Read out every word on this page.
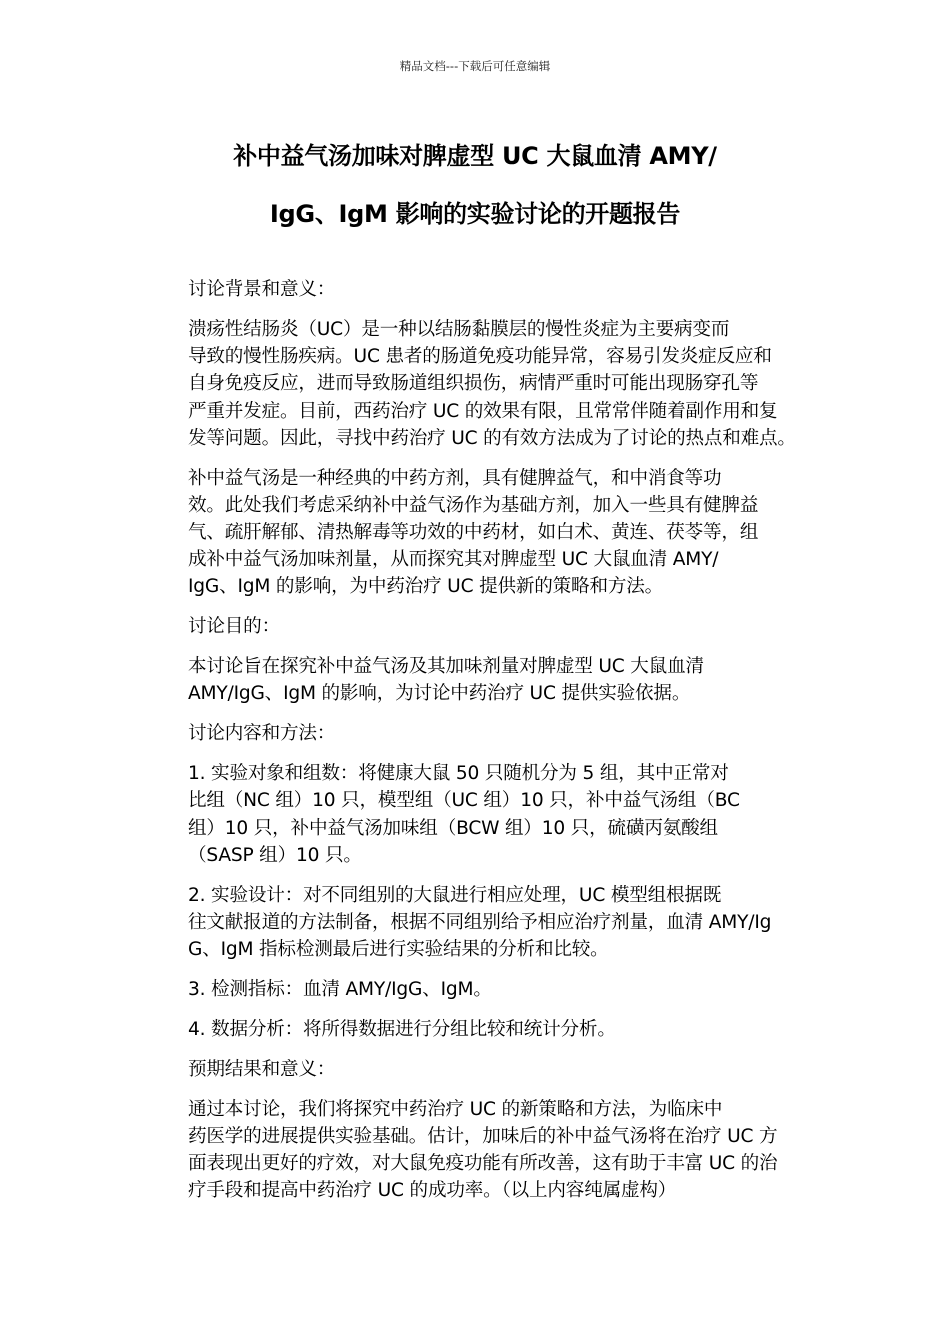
精品文档---下载后可任意编辑
补中益气汤加味对脾虚型 UC 大鼠血清 AMY/
IgG、IgM 影响的实验讨论的开题报告

讨论背景和意义：

溃疡性结肠炎（UC）是一种以结肠黏膜层的慢性炎症为主要病变而
导致的慢性肠疾病。UC 患者的肠道免疫功能异常，容易引发炎症反应和
自身免疫反应，进而导致肠道组织损伤，病情严重时可能出现肠穿孔等
严重并发症。目前，西药治疗 UC 的效果有限，且常常伴随着副作用和复
发等问题。因此，寻找中药治疗 UC 的有效方法成为了讨论的热点和难点。

补中益气汤是一种经典的中药方剂，具有健脾益气，和中消食等功
效。此处我们考虑采纳补中益气汤作为基础方剂，加入一些具有健脾益
气、疏肝解郁、清热解毒等功效的中药材，如白术、黄连、茯苓等，组
成补中益气汤加味剂量，从而探究其对脾虚型 UC 大鼠血清 AMY/
IgG、IgM 的影响，为中药治疗 UC 提供新的策略和方法。

讨论目的：

本讨论旨在探究补中益气汤及其加味剂量对脾虚型 UC 大鼠血清
AMY/IgG、IgM 的影响，为讨论中药治疗 UC 提供实验依据。

讨论内容和方法：

1. 实验对象和组数：将健康大鼠 50 只随机分为 5 组，其中正常对
比组（NC 组）10 只，模型组（UC 组）10 只，补中益气汤组（BC
组）10 只，补中益气汤加味组（BCW 组）10 只，硫磺丙氨酸组
（SASP 组）10 只。

2. 实验设计：对不同组别的大鼠进行相应处理，UC 模型组根据既
往文献报道的方法制备，根据不同组别给予相应治疗剂量，血清 AMY/Ig
G、IgM 指标检测最后进行实验结果的分析和比较。

3. 检测指标：血清 AMY/IgG、IgM。

4. 数据分析：将所得数据进行分组比较和统计分析。

预期结果和意义：

通过本讨论，我们将探究中药治疗 UC 的新策略和方法，为临床中
药医学的进展提供实验基础。估计，加味后的补中益气汤将在治疗 UC 方
面表现出更好的疗效，对大鼠免疫功能有所改善，这有助于丰富 UC 的治
疗手段和提高中药治疗 UC 的成功率。（以上内容纯属虚构）
